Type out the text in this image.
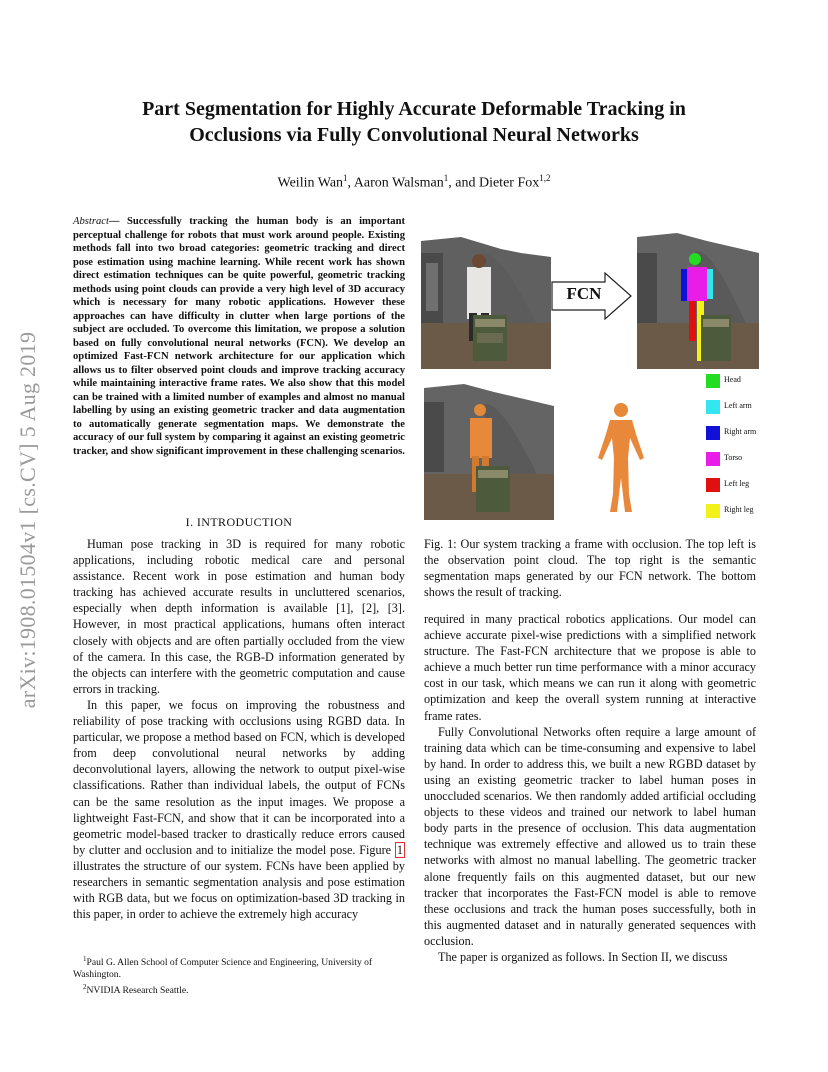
arXiv:1908.01504v1 [cs.CV] 5 Aug 2019
Part Segmentation for Highly Accurate Deformable Tracking in
Occlusions via Fully Convolutional Neural Networks
Weilin Wan$^1$, Aaron Walsman$^1$, and Dieter Fox$^{1,2}$
Abstract— Successfully tracking the human body is an important perceptual challenge for robots that must work around people. Existing methods fall into two broad categories: geometric tracking and direct pose estimation using machine learning. While recent work has shown direct estimation techniques can be quite powerful, geometric tracking methods using point clouds can provide a very high level of 3D accuracy which is necessary for many robotic applications. However these approaches can have difficulty in clutter when large portions of the subject are occluded. To overcome this limitation, we propose a solution based on fully convolutional neural networks (FCN). We develop an optimized Fast-FCN network architecture for our application which allows us to filter observed point clouds and improve tracking accuracy while maintaining interactive frame rates. We also show that this model can be trained with a limited number of examples and almost no manual labelling by using an existing geometric tracker and data augmentation to automatically generate segmentation maps. We demonstrate the accuracy of our full system by comparing it against an existing geometric tracker, and show significant improvement in these challenging scenarios.
I. INTRODUCTION

Human pose tracking in 3D is required for many robotic applications, including robotic medical care and personal assistance. Recent work in pose estimation and human body tracking has achieved accurate results in uncluttered scenarios, especially when depth information is available [1], [2], [3]. However, in most practical applications, humans often interact closely with objects and are often partially occluded from the view of the camera. In this case, the RGB-D information generated by the objects can interfere with the geometric computation and cause errors in tracking.

In this paper, we focus on improving the robustness and reliability of pose tracking with occlusions using RGBD data. In particular, we propose a method based on FCN, which is developed from deep convolutional neural networks by adding deconvolutional layers, allowing the network to output pixel-wise classifications. Rather than individual labels, the output of FCNs can be the same resolution as the input images. We propose a lightweight Fast-FCN, and show that it can be incorporated into a geometric model-based tracker to drastically reduce errors caused by clutter and occlusion and to initialize the model pose. Figure 1 illustrates the structure of our system. FCNs have been applied by researchers in semantic segmentation analysis and pose estimation with RGB data, but we focus on optimization-based 3D tracking in this paper, in order to achieve the extremely high accuracy

$^1$Paul G. Allen School of Computer Science and Engineering, University of Washington.
$^2$NVIDIA Research Seattle.
FCN
Head
Left arm
Right arm
Torso
Left leg
Right leg
Fig. 1: Our system tracking a frame with occlusion. The top left is the observation point cloud. The top right is the semantic segmentation maps generated by our FCN network. The bottom shows the result of tracking.

required in many practical robotics applications. Our model can achieve accurate pixel-wise predictions with a simplified network structure. The Fast-FCN architecture that we propose is able to achieve a much better run time performance with a minor accuracy cost in our task, which means we can run it along with geometric optimization and keep the overall system running at interactive frame rates.

Fully Convolutional Networks often require a large amount of training data which can be time-consuming and expensive to label by hand. In order to address this, we built a new RGBD dataset by using an existing geometric tracker to label human poses in unoccluded scenarios. We then randomly added artificial occluding objects to these videos and trained our network to label human body parts in the presence of occlusion. This data augmentation technique was extremely effective and allowed us to train these networks with almost no manual labelling. The geometric tracker alone frequently fails on this augmented dataset, but our new tracker that incorporates the Fast-FCN model is able to remove these occlusions and track the human poses successfully, both in this augmented dataset and in naturally generated sequences with occlusion.

The paper is organized as follows. In Section II, we discuss
